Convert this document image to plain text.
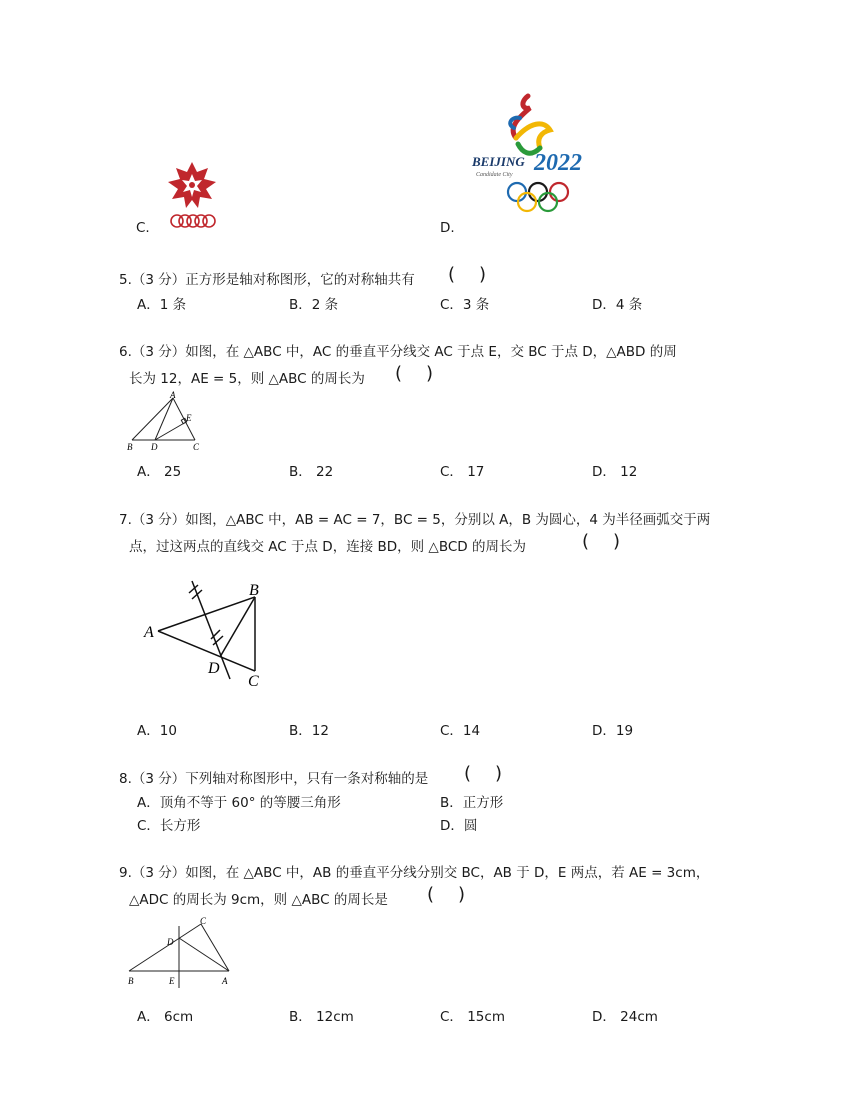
C.
BEIJING 2022
Candidate City
D.
5.（3 分）正方形是轴对称图形，它的对称轴共有 ( )
A．1 条	B．2 条	C．3 条	D．4 条
6.（3 分）如图，在 △ABC 中，AC 的垂直平分线交 AC 于点 E，交 BC 于点 D，△ABD 的周
长为 12，AE = 5，则 △ABC 的周长为 ( )
A
E
B D	C
A． 25	B． 22	C． 17	D． 12
7.（3 分）如图，△ABC 中，AB = AC = 7，BC = 5，分别以 A，B 为圆心，4 为半径画弧交于两
点，过这两点的直线交 AC 于点 D，连接 BD，则 △BCD 的周长为	( )
B
A
D
C
A．10	B．12	C．14	D．19
8.（3 分）下列轴对称图形中，只有一条对称轴的是 ( )
A．顶角不等于 60° 的等腰三角形	B．正方形
C．长方形	D．圆
9.（3 分）如图，在 △ABC 中，AB 的垂直平分线分别交 BC，AB 于 D，E 两点，若 AE = 3cm，
△ADC 的周长为 9cm，则 △ABC 的周长是 ( )
C
D
B	E	A
A． 6cm	B． 12cm	C． 15cm	D． 24cm
